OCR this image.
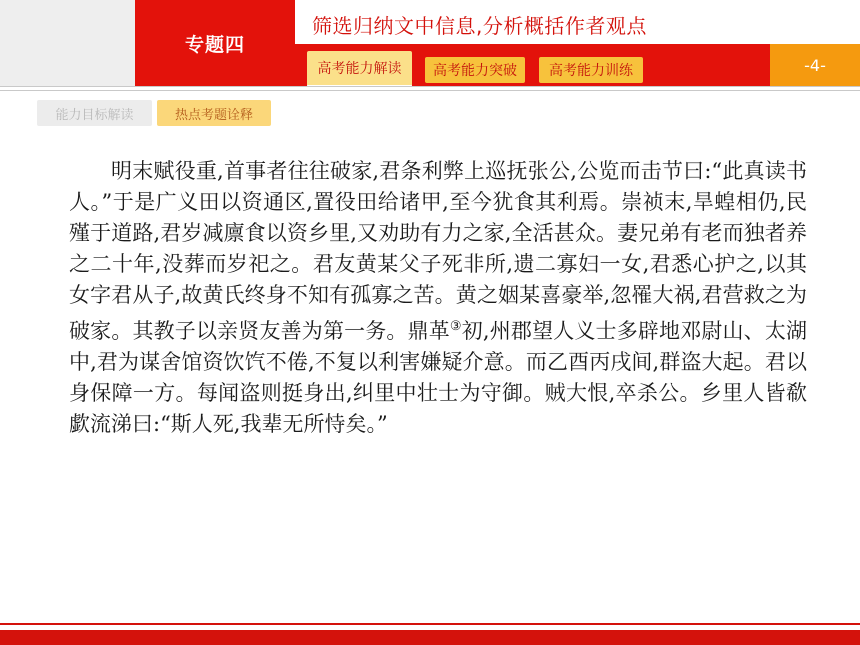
专题四
筛选归纳文中信息,分析概括作者观点
-4-
高考能力解读	高考能力突破	高考能力训练
能力目标解读	热点考题诠释

明末赋役重,首事者往往破家,君条利弊上巡抚张公,公览而击节曰:“此真读书人。”于是广义田以资通区,置役田给诸甲,至今犹食其利焉。崇祯末,旱蝗相仍,民殣于道路,君岁减廪食以资乡里,又劝助有力之家,全活甚众。妻兄弟有老而独者养之二十年,没葬而岁祀之。君友黄某父子死非所,遗二寡妇一女,君悉心护之,以其女字君从子,故黄氏终身不知有孤寡之苦。黄之姻某喜豪举,忽罹大祸,君营救之为破家。其教子以亲贤友善为第一务。鼎革③初,州郡望人义士多辟地邓尉山、太湖中,君为谋舍馆资饮饩不倦,不复以利害嫌疑介意。而乙酉丙戌间,群盗大起。君以身保障一方。每闻盗则挺身出,纠里中壮士为守御。贼大恨,卒杀公。乡里人皆欷歔流涕曰:“斯人死,我辈无所恃矣。”
